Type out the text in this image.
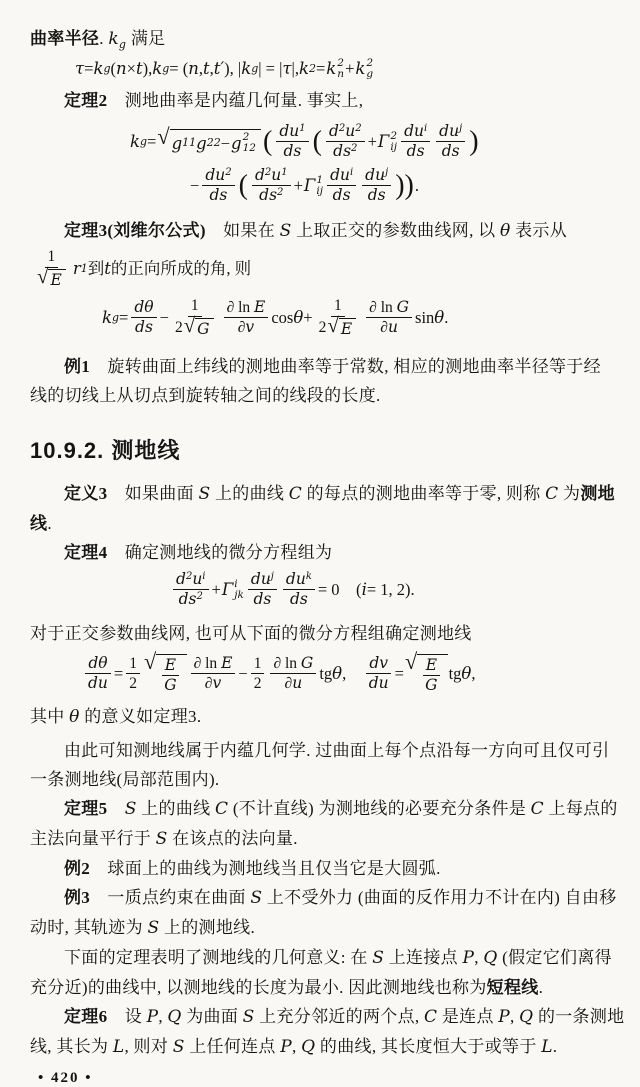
曲率半径. $k_g$ 满足
τ = k g ( n × t ), k g = ( n , t , t′ ), | k g | = | τ |, k 2 = k 2
n + k 2
g
定理2　测地曲率是内蕴几何量. 事实上,
k g = √ g 11 g 22 − g 2
12 ( $\frac{du^1}{ds}$ ( $\frac{d^2u^2}{ds^2} + \Gamma$ 2
ij $\frac{du^i}{ds} \frac{du^j}{ds}$ )
− $\frac{du^2}{ds}$ ( $\frac{d^2u^1}{ds^2} + \Gamma$ 1
ij $\frac{du^i}{ds} \frac{du^j}{ds}$ )) .
定理3(刘维尔公式)　如果在 S 上取正交的参数曲线网, 以 θ 表示从
$\frac{1}{√ E}$ r 1 到 t 的正向所成的角, 则
k $g = \frac{d\theta}{ds} - \frac{1}{2 √ G} \frac{\text{∂ ln E}}{\partial v}$ $\cos \theta + \frac{1}{2 √ E} \frac{\text{∂ ln G}}{\partial u}$ sin θ .
例1　旋转曲面上纬线的测地曲率等于常数, 相应的测地曲率半径等于经
线的切线上从切点到旋转轴之间的线段的长度.
10.9.2. 测地线
定义3　如果曲面 S 上的曲线 C 的每点的测地曲率等于零, 则称 C 为测地
线.
定理4　确定测地线的微分方程组为
$\frac{d^2u^i}{ds^2} + \Gamma$ i
jk $\frac{du^j}{ds} \frac{du^k}{ds} = 0$　( i = 1, 2).
对于正交参数曲线网, 也可从下面的微分方程组确定测地线
$\frac{d\theta}{du} = \frac{1}{2}$ √ $\frac{E}{G} \frac{\text{∂ ln E}}{\partial v} - \frac{1}{2} \frac{\text{∂ ln G}}{\partial u}$ tg θ ,　 $\frac{dv}{du}$ =
√ $\frac{E}{G}$ tg θ ,
其中 θ 的意义如定理3.
由此可知测地线属于内蕴几何学. 过曲面上每个点沿每一方向可且仅可引
一条测地线(局部范围内).
定理5　 S 上的曲线 C (不计直线) 为测地线的必要充分条件是 C 上每点的
主法向量平行于 S 在该点的法向量.
例2　球面上的曲线为测地线当且仅当它是大圆弧.
例3　一质点约束在曲面 S 上不受外力 (曲面的反作用力不计在内) 自由移
动时, 其轨迹为 S 上的测地线.
下面的定理表明了测地线的几何意义: 在 S 上连接点 P, Q (假定它们离得
充分近)的曲线中, 以测地线的长度为最小. 因此测地线也称为短程线.
定理6　设 P, Q 为曲面 S 上充分邻近的两个点, C 是连点 P, Q 的一条测地
线, 其长为 L, 则对 S 上任何连点 P, Q 的曲线, 其长度恒大于或等于 L.
• 420 •
